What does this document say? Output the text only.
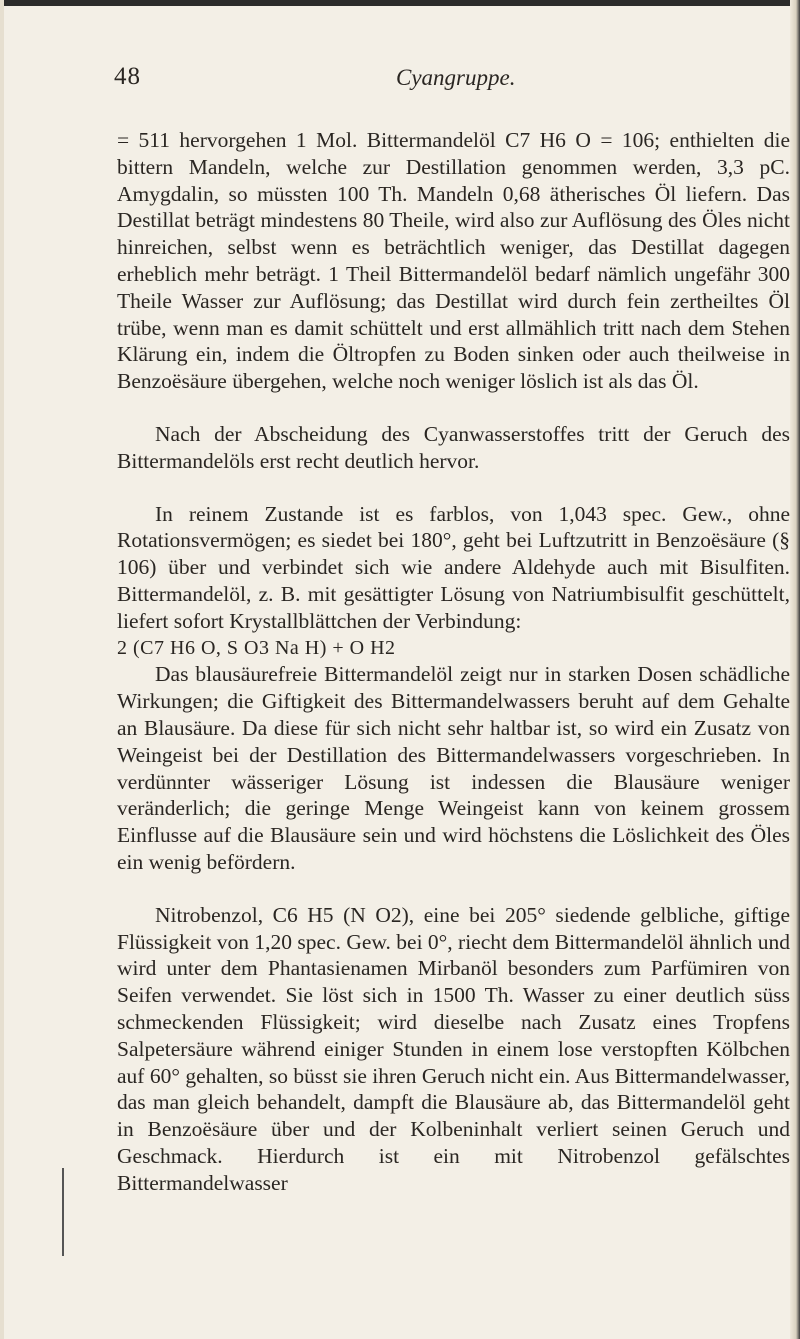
48	Cyangruppe.

= 511 hervorgehen 1 Mol. Bittermandelöl C7 H6 O = 106; enthielten die bittern Mandeln, welche zur Destillation genommen werden, 3,3 pC. Amygdalin, so müssten 100 Th. Mandeln 0,68 ätherisches Öl liefern. Das Destillat beträgt mindestens 80 Theile, wird also zur Auflösung des Öles nicht hinreichen, selbst wenn es beträchtlich weniger, das Destillat dagegen erheblich mehr beträgt. 1 Theil Bittermandelöl bedarf nämlich ungefähr 300 Theile Wasser zur Auflösung; das Destillat wird durch fein zertheiltes Öl trübe, wenn man es damit schüttelt und erst allmählich tritt nach dem Stehen Klärung ein, indem die Öltropfen zu Boden sinken oder auch theilweise in Benzoësäure übergehen, welche noch weniger löslich ist als das Öl.

Nach der Abscheidung des Cyanwasserstoffes tritt der Geruch des Bittermandelöls erst recht deutlich hervor.

In reinem Zustande ist es farblos, von 1,043 spec. Gew., ohne Rotationsvermögen; es siedet bei 180°, geht bei Luftzutritt in Benzoësäure (§ 106) über und verbindet sich wie andere Aldehyde auch mit Bisulfiten. Bittermandelöl, z. B. mit gesättigter Lösung von Natriumbisulfit geschüttelt, liefert sofort Krystallblättchen der Verbindung:

2 (C7 H6 O, S O3 Na H) + O H2

Das blausäurefreie Bittermandelöl zeigt nur in starken Dosen schädliche Wirkungen; die Giftigkeit des Bittermandelwassers beruht auf dem Gehalte an Blausäure. Da diese für sich nicht sehr haltbar ist, so wird ein Zusatz von Weingeist bei der Destillation des Bittermandelwassers vorgeschrieben. In verdünnter wässeriger Lösung ist indessen die Blausäure weniger veränderlich; die geringe Menge Weingeist kann von keinem grossem Einflusse auf die Blausäure sein und wird höchstens die Löslichkeit des Öles ein wenig befördern.

Nitrobenzol, C6 H5 (N O2), eine bei 205° siedende gelbliche, giftige Flüssigkeit von 1,20 spec. Gew. bei 0°, riecht dem Bittermandelöl ähnlich und wird unter dem Phantasienamen Mirbanöl besonders zum Parfümiren von Seifen verwendet. Sie löst sich in 1500 Th. Wasser zu einer deutlich süss schmeckenden Flüssigkeit; wird dieselbe nach Zusatz eines Tropfens Salpetersäure während einiger Stunden in einem lose verstopften Kölbchen auf 60° gehalten, so büsst sie ihren Geruch nicht ein. Aus Bittermandelwasser, das man gleich behandelt, dampft die Blausäure ab, das Bittermandelöl geht in Benzoësäure über und der Kolbeninhalt verliert seinen Geruch und Geschmack. Hierdurch ist ein mit Nitrobenzol gefälschtes Bittermandelwasser
